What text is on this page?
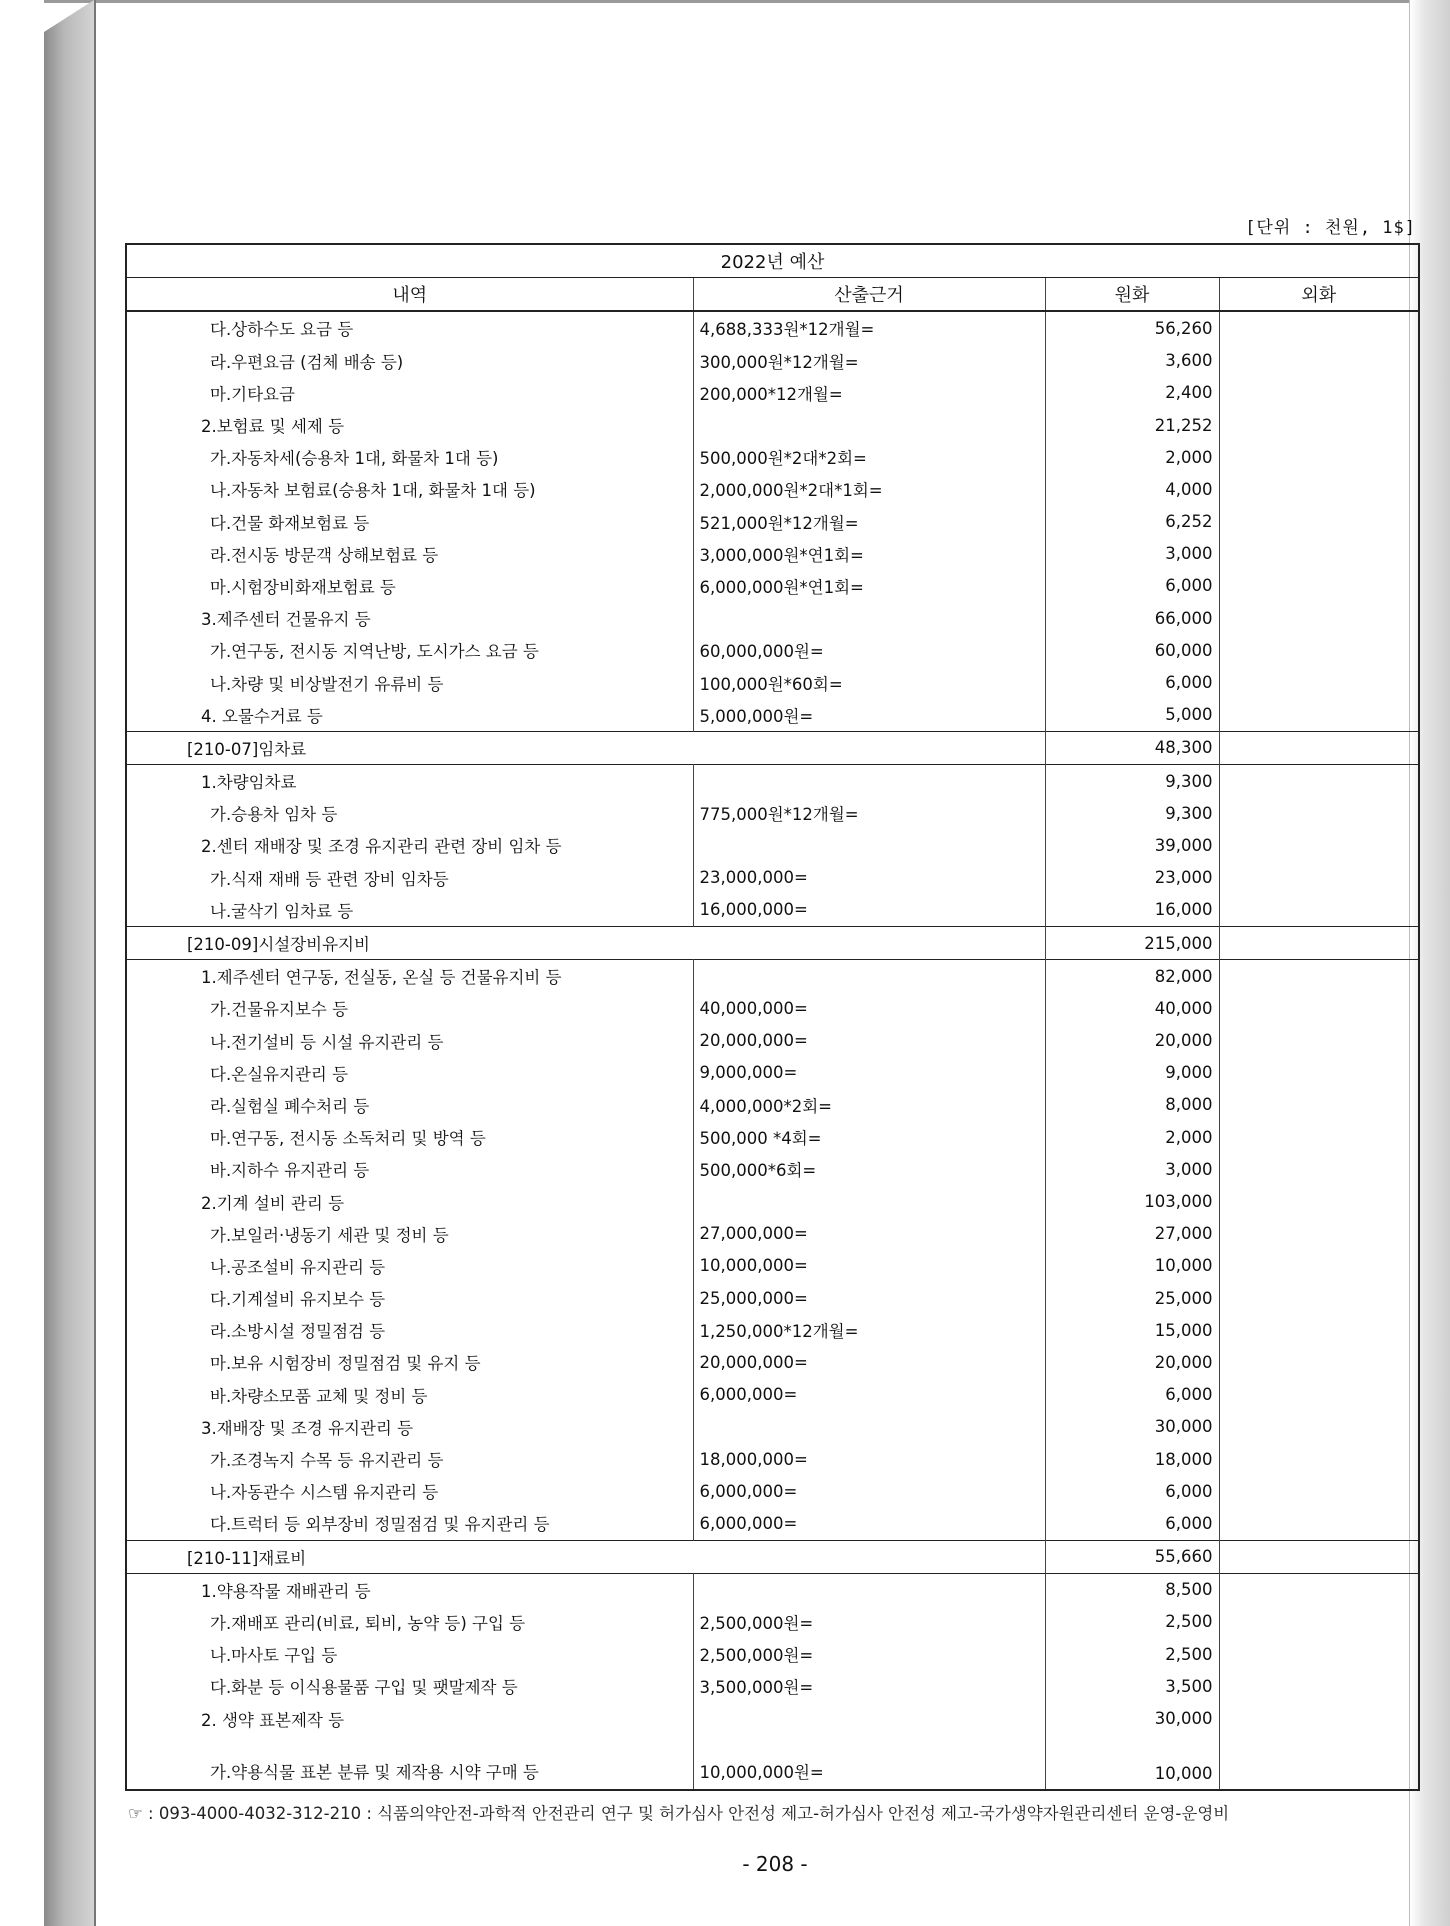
[단위 : 천원, 1$]
2022년 예산			
내역	산출근거	원화	외화
다.상하수도 요금 등	4,688,333원*12개월=	56,260	
라.우편요금 (검체 배송 등)	300,000원*12개월=	3,600	
마.기타요금	200,000*12개월=	2,400	
2.보험료 및 세제 등		21,252	
가.자동차세(승용차 1대, 화물차 1대 등)	500,000원*2대*2회=	2,000	
나.자동차 보험료(승용차 1대, 화물차 1대 등)	2,000,000원*2대*1회=	4,000	
다.건물 화재보험료 등	521,000원*12개월=	6,252	
라.전시동 방문객 상해보험료 등	3,000,000원*연1회=	3,000	
마.시험장비화재보험료 등	6,000,000원*연1회=	6,000	
3.제주센터 건물유지 등		66,000	
가.연구동, 전시동 지역난방, 도시가스 요금 등	60,000,000원=	60,000	
나.차량 및 비상발전기 유류비 등	100,000원*60회=	6,000	
4. 오물수거료 등	5,000,000원=	5,000	
[210-07]임차료		48,300	
1.차량임차료		9,300	
가.승용차 임차 등	775,000원*12개월=	9,300	
2.센터 재배장 및 조경 유지관리 관련 장비 임차 등		39,000	
가.식재 재배 등 관련 장비 임차등	23,000,000=	23,000	
나.굴삭기 임차료 등	16,000,000=	16,000	
[210-09]시설장비유지비		215,000	
1.제주센터 연구동, 전실동, 온실 등 건물유지비 등		82,000	
가.건물유지보수 등	40,000,000=	40,000	
나.전기설비 등 시설 유지관리 등	20,000,000=	20,000	
다.온실유지관리 등	9,000,000=	9,000	
라.실험실 폐수처리 등	4,000,000*2회=	8,000	
마.연구동, 전시동 소독처리 및 방역 등	500,000 *4회=	2,000	
바.지하수 유지관리 등	500,000*6회=	3,000	
2.기계 설비 관리 등		103,000	
가.보일러·냉동기 세관 및 정비 등	27,000,000=	27,000	
나.공조설비 유지관리 등	10,000,000=	10,000	
다.기계설비 유지보수 등	25,000,000=	25,000	
라.소방시설 정밀점검 등	1,250,000*12개월=	15,000	
마.보유 시험장비 정밀점검 및 유지 등	20,000,000=	20,000	
바.차량소모품 교체 및 정비 등	6,000,000=	6,000	
3.재배장 및 조경 유지관리 등		30,000	
가.조경녹지 수목 등 유지관리 등	18,000,000=	18,000	
나.자동관수 시스템 유지관리 등	6,000,000=	6,000	
다.트럭터 등 외부장비 정밀점검 및 유지관리 등	6,000,000=	6,000	
[210-11]재료비		55,660	
1.약용작물 재배관리 등		8,500	
가.재배포 관리(비료, 퇴비, 농약 등) 구입 등	2,500,000원=	2,500	
나.마사토 구입 등	2,500,000원=	2,500	
다.화분 등 이식용물품 구입 및 팻말제작 등	3,500,000원=	3,500	
2. 생약 표본제작 등		30,000	
가.약용식물 표본 분류 및 제작용 시약 구매 등	10,000,000원=	10,000	
☞ : 093-4000-4032-312-210 : 식품의약안전-과학적 안전관리 연구 및 허가심사 안전성 제고-허가심사 안전성 제고-국가생약자원관리센터 운영-운영비
- 208 -
